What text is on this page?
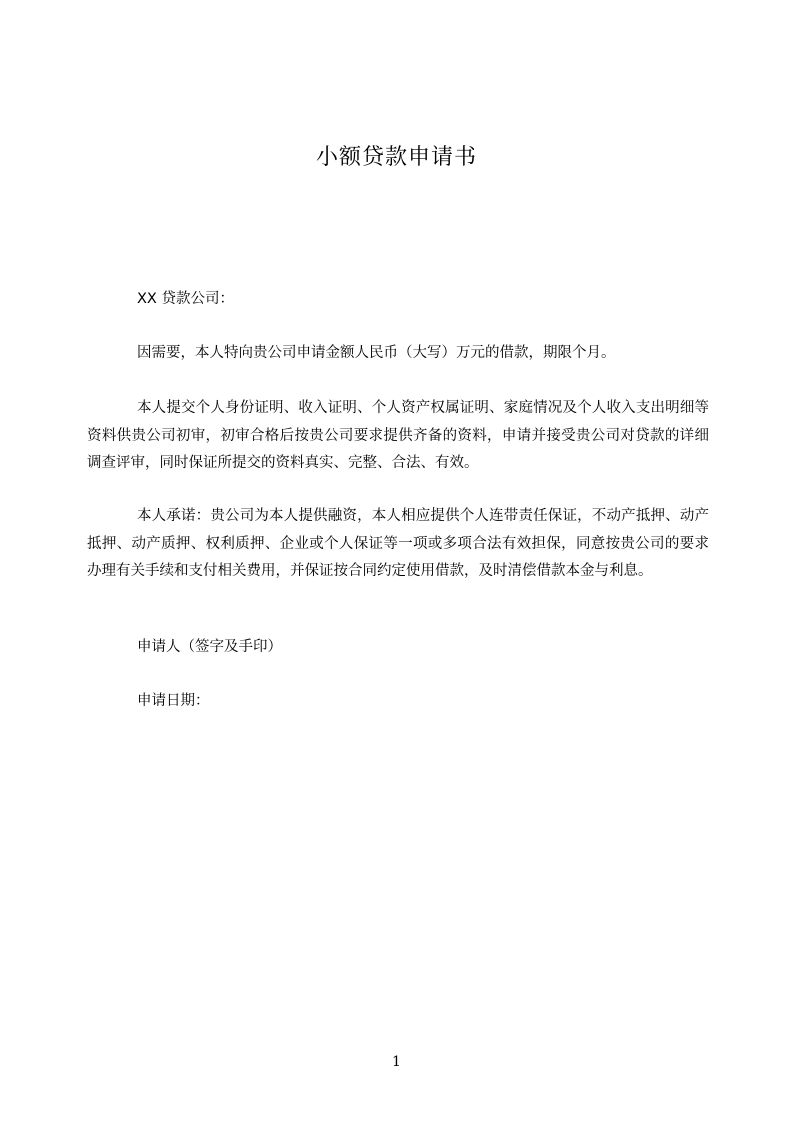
小额贷款申请书

XX 贷款公司：

因需要，本人特向贵公司申请金额人民币（大写）万元的借款，期限个月。

本人提交个人身份证明、收入证明、个人资产权属证明、家庭情况及个人收入支出明细等资料供贵公司初审，初审合格后按贵公司要求提供齐备的资料，申请并接受贵公司对贷款的详细调查评审，同时保证所提交的资料真实、完整、合法、有效。

本人承诺：贵公司为本人提供融资，本人相应提供个人连带责任保证，不动产抵押、动产抵押、动产质押、权利质押、企业或个人保证等一项或多项合法有效担保，同意按贵公司的要求办理有关手续和支付相关费用，并保证按合同约定使用借款，及时清偿借款本金与利息。

申请人（签字及手印）

申请日期：

1
